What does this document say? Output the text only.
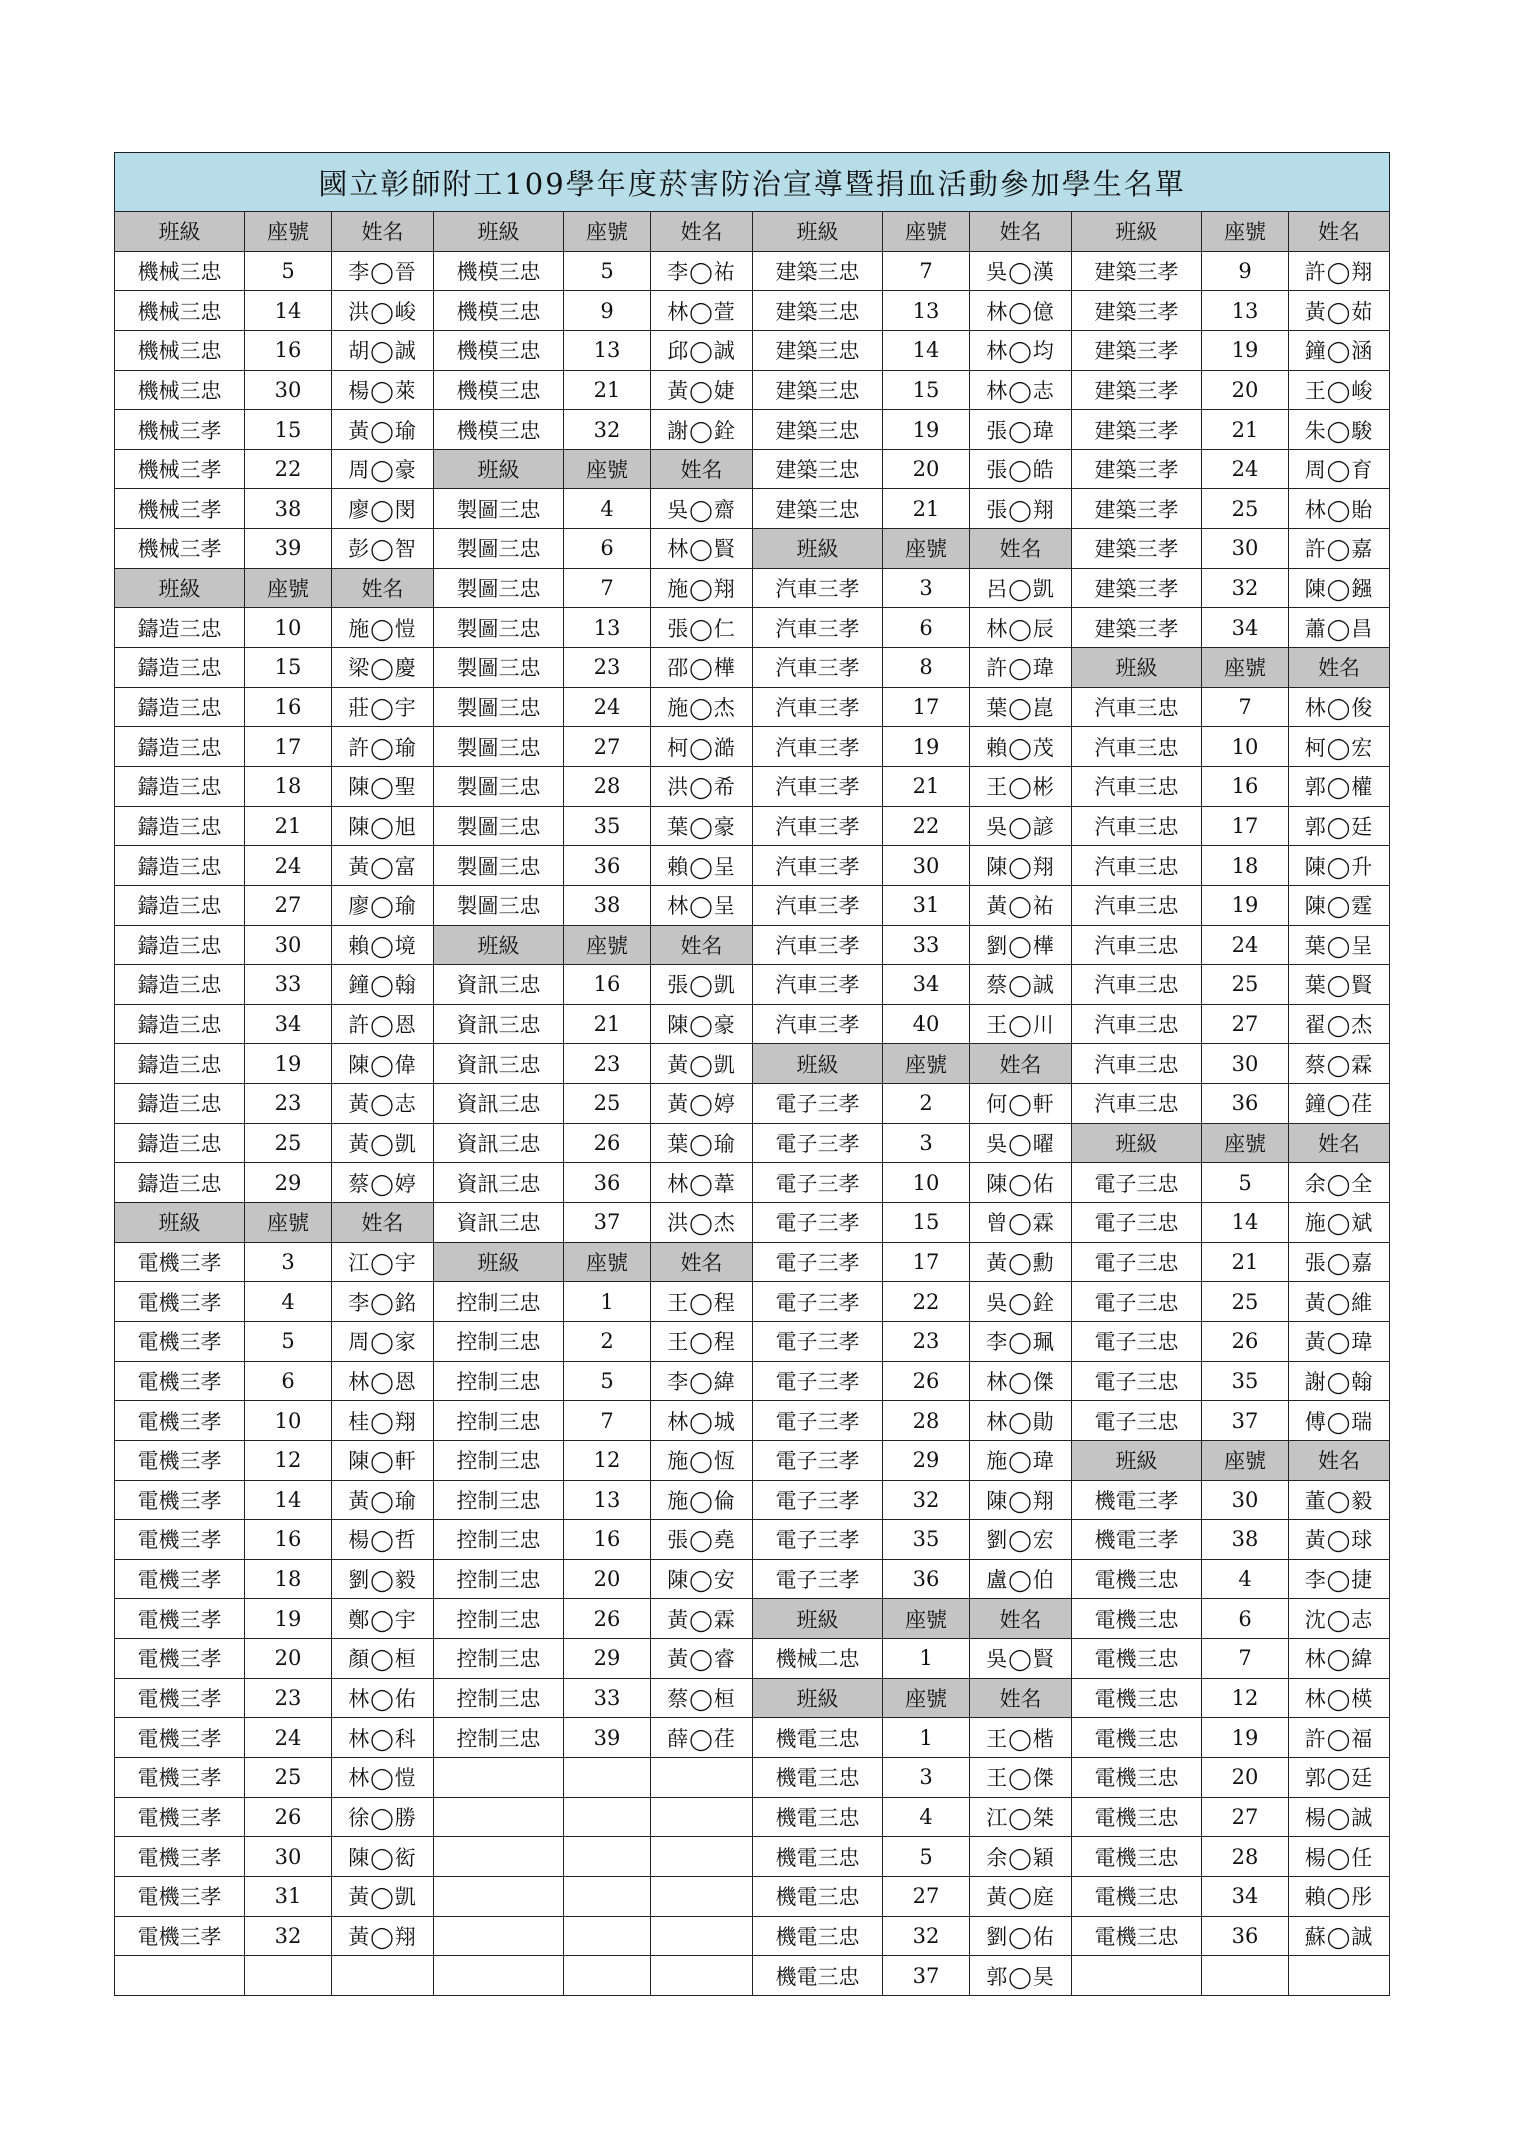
國立彰師附工109學年度菸害防治宣導暨捐血活動參加學生名單											
班級	座號	姓名	班級	座號	姓名	班級	座號	姓名	班級	座號	姓名
機械三忠	5	李◯晉	機模三忠	5	李◯祐	建築三忠	7	吳◯漢	建築三孝	9	許◯翔
機械三忠	14	洪◯峻	機模三忠	9	林◯萱	建築三忠	13	林◯億	建築三孝	13	黃◯茹
機械三忠	16	胡◯誠	機模三忠	13	邱◯誠	建築三忠	14	林◯均	建築三孝	19	鐘◯涵
機械三忠	30	楊◯萊	機模三忠	21	黃◯婕	建築三忠	15	林◯志	建築三孝	20	王◯峻
機械三孝	15	黃◯瑜	機模三忠	32	謝◯銓	建築三忠	19	張◯瑋	建築三孝	21	朱◯駿
機械三孝	22	周◯豪	班級	座號	姓名	建築三忠	20	張◯皓	建築三孝	24	周◯育
機械三孝	38	廖◯閔	製圖三忠	4	吳◯齋	建築三忠	21	張◯翔	建築三孝	25	林◯貽
機械三孝	39	彭◯智	製圖三忠	6	林◯賢	班級	座號	姓名	建築三孝	30	許◯嘉
班級	座號	姓名	製圖三忠	7	施◯翔	汽車三孝	3	呂◯凱	建築三孝	32	陳◯鏹
鑄造三忠	10	施◯愷	製圖三忠	13	張◯仁	汽車三孝	6	林◯辰	建築三孝	34	蕭◯昌
鑄造三忠	15	梁◯慶	製圖三忠	23	邵◯樺	汽車三孝	8	許◯瑋	班級	座號	姓名
鑄造三忠	16	莊◯宇	製圖三忠	24	施◯杰	汽車三孝	17	葉◯崑	汽車三忠	7	林◯俊
鑄造三忠	17	許◯瑜	製圖三忠	27	柯◯澔	汽車三孝	19	賴◯茂	汽車三忠	10	柯◯宏
鑄造三忠	18	陳◯聖	製圖三忠	28	洪◯希	汽車三孝	21	王◯彬	汽車三忠	16	郭◯權
鑄造三忠	21	陳◯旭	製圖三忠	35	葉◯豪	汽車三孝	22	吳◯諺	汽車三忠	17	郭◯廷
鑄造三忠	24	黃◯富	製圖三忠	36	賴◯呈	汽車三孝	30	陳◯翔	汽車三忠	18	陳◯升
鑄造三忠	27	廖◯瑜	製圖三忠	38	林◯呈	汽車三孝	31	黃◯祐	汽車三忠	19	陳◯霆
鑄造三忠	30	賴◯境	班級	座號	姓名	汽車三孝	33	劉◯樺	汽車三忠	24	葉◯呈
鑄造三忠	33	鐘◯翰	資訊三忠	16	張◯凱	汽車三孝	34	蔡◯誠	汽車三忠	25	葉◯賢
鑄造三忠	34	許◯恩	資訊三忠	21	陳◯豪	汽車三孝	40	王◯川	汽車三忠	27	翟◯杰
鑄造三忠	19	陳◯偉	資訊三忠	23	黃◯凱	班級	座號	姓名	汽車三忠	30	蔡◯霖
鑄造三忠	23	黃◯志	資訊三忠	25	黃◯婷	電子三孝	2	何◯軒	汽車三忠	36	鐘◯荏
鑄造三忠	25	黃◯凱	資訊三忠	26	葉◯瑜	電子三孝	3	吳◯曜	班級	座號	姓名
鑄造三忠	29	蔡◯婷	資訊三忠	36	林◯葦	電子三孝	10	陳◯佑	電子三忠	5	余◯全
班級	座號	姓名	資訊三忠	37	洪◯杰	電子三孝	15	曾◯霖	電子三忠	14	施◯斌
電機三孝	3	江◯宇	班級	座號	姓名	電子三孝	17	黃◯勳	電子三忠	21	張◯嘉
電機三孝	4	李◯銘	控制三忠	1	王◯程	電子三孝	22	吳◯銓	電子三忠	25	黃◯維
電機三孝	5	周◯家	控制三忠	2	王◯程	電子三孝	23	李◯珮	電子三忠	26	黃◯瑋
電機三孝	6	林◯恩	控制三忠	5	李◯緯	電子三孝	26	林◯傑	電子三忠	35	謝◯翰
電機三孝	10	桂◯翔	控制三忠	7	林◯城	電子三孝	28	林◯勛	電子三忠	37	傅◯瑞
電機三孝	12	陳◯軒	控制三忠	12	施◯恆	電子三孝	29	施◯瑋	班級	座號	姓名
電機三孝	14	黃◯瑜	控制三忠	13	施◯倫	電子三孝	32	陳◯翔	機電三孝	30	董◯毅
電機三孝	16	楊◯哲	控制三忠	16	張◯堯	電子三孝	35	劉◯宏	機電三孝	38	黃◯球
電機三孝	18	劉◯毅	控制三忠	20	陳◯安	電子三孝	36	盧◯伯	電機三忠	4	李◯捷
電機三孝	19	鄭◯宇	控制三忠	26	黃◯霖	班級	座號	姓名	電機三忠	6	沈◯志
電機三孝	20	顏◯桓	控制三忠	29	黃◯睿	機械二忠	1	吳◯賢	電機三忠	7	林◯緯
電機三孝	23	林◯佑	控制三忠	33	蔡◯桓	班級	座號	姓名	電機三忠	12	林◯楧
電機三孝	24	林◯科	控制三忠	39	薛◯荏	機電三忠	1	王◯楷	電機三忠	19	許◯福
電機三孝	25	林◯愷				機電三忠	3	王◯傑	電機三忠	20	郭◯廷
電機三孝	26	徐◯勝				機電三忠	4	江◯桀	電機三忠	27	楊◯誠
電機三孝	30	陳◯衒				機電三忠	5	余◯穎	電機三忠	28	楊◯任
電機三孝	31	黃◯凱				機電三忠	27	黃◯庭	電機三忠	34	賴◯彤
電機三孝	32	黃◯翔				機電三忠	32	劉◯佑	電機三忠	36	蘇◯誠
						機電三忠	37	郭◯昊			
